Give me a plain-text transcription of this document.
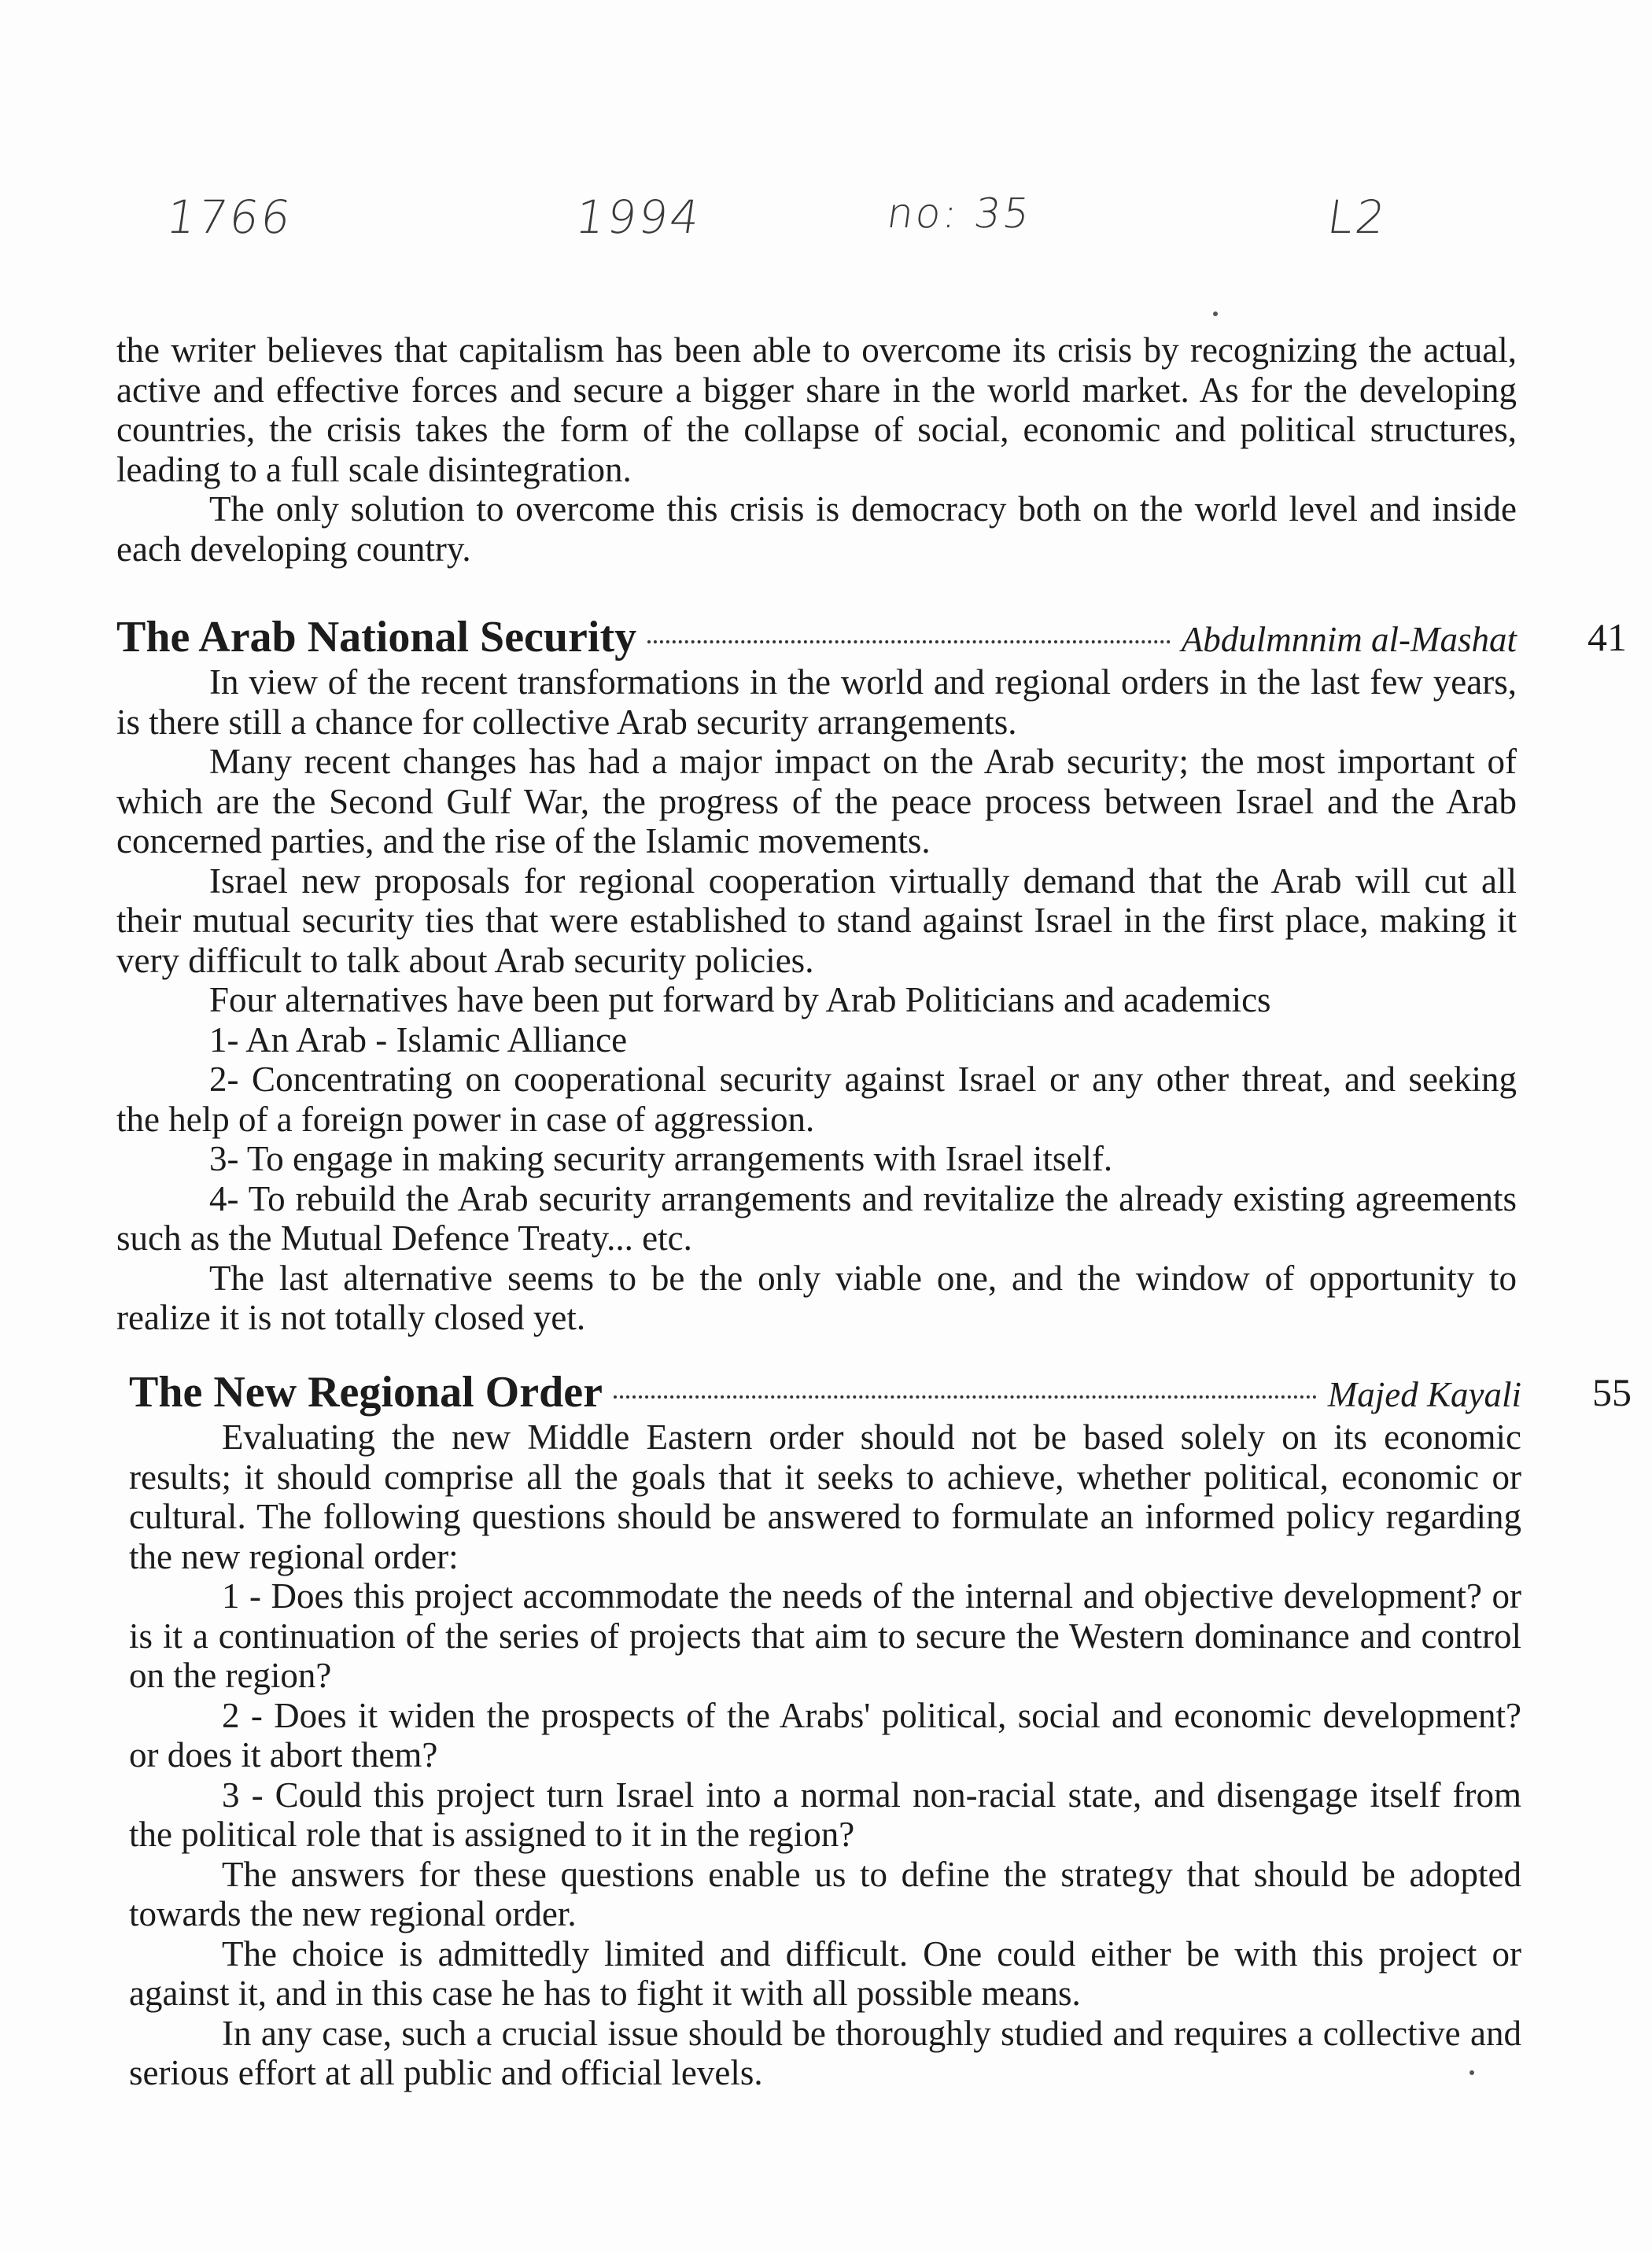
1766	1994	no: 35	L2

the writer believes that capitalism has been able to overcome its crisis by recognizing the actual, active and effective forces and secure a bigger share in the world market. As for the developing countries, the crisis takes the form of the collapse of social, economic and political structures, leading to a full scale disintegration.

The only solution to overcome this crisis is democracy both on the world level and inside each developing country.

The Arab National Security	Abdulmnnim al-Mashat 41

In view of the recent transformations in the world and regional orders in the last few years, is there still a chance for collective Arab security arrangements.

Many recent changes has had a major impact on the Arab security; the most important of which are the Second Gulf War, the progress of the peace process between Israel and the Arab concerned parties, and the rise of the Islamic movements.

Israel new proposals for regional cooperation virtually demand that the Arab will cut all their mutual security ties that were established to stand against Israel in the first place, making it very difficult to talk about Arab security policies.

Four alternatives have been put forward by Arab Politicians and academics

1- An Arab - Islamic Alliance

2- Concentrating on cooperational security against Israel or any other threat, and seeking the help of a foreign power in case of aggression.

3- To engage in making security arrangements with Israel itself.

4- To rebuild the Arab security arrangements and revitalize the already existing agreements such as the Mutual Defence Treaty... etc.

The last alternative seems to be the only viable one, and the window of opportunity to realize it is not totally closed yet.

The New Regional Order	Majed Kayali 55

Evaluating the new Middle Eastern order should not be based solely on its economic results; it should comprise all the goals that it seeks to achieve, whether political, economic or cultural. The following questions should be answered to formulate an informed policy regarding the new regional order:

1 - Does this project accommodate the needs of the internal and objective development? or is it a continuation of the series of projects that aim to secure the Western dominance and control on the region?

2 - Does it widen the prospects of the Arabs' political, social and economic development? or does it abort them?

3 - Could this project turn Israel into a normal non-racial state, and disengage itself from the political role that is assigned to it in the region?

The answers for these questions enable us to define the strategy that should be adopted towards the new regional order.

The choice is admittedly limited and difficult. One could either be with this project or against it, and in this case he has to fight it with all possible means.

In any case, such a crucial issue should be thoroughly studied and requires a collective and serious effort at all public and official levels.
